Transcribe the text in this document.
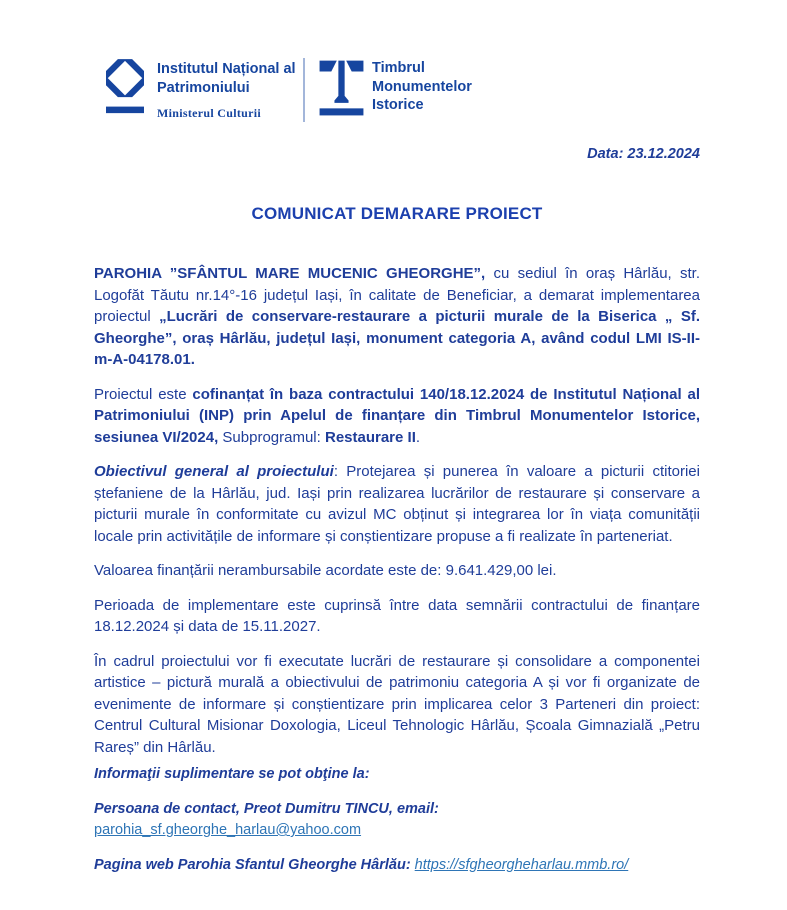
Institutul Național al
Patrimoniului
Ministerul Culturii
Timbrul
Monumentelor
Istorice
Data: 23.12.2024
COMUNICAT DEMARARE PROIECT

PAROHIA ”SFÂNTUL MARE MUCENIC GHEORGHE”, cu sediul în oraș Hârlău, str. Logofăt Tăutu nr.14°-16 județul Iași, în calitate de Beneficiar, a demarat implementarea proiectul „Lucrări de conservare-restaurare a picturii murale de la Biserica „ Sf. Gheorghe”, oraș Hârlău, județul Iași, monument categoria A, având codul LMI IS-II-m-A-04178.01.

Proiectul este cofinanțat în baza contractului 140/18.12.2024 de Institutul Național al Patrimoniului (INP) prin Apelul de finanțare din Timbrul Monumentelor Istorice, sesiunea VI/2024, Subprogramul: Restaurare II.

Obiectivul general al proiectului: Protejarea și punerea în valoare a picturii ctitoriei ștefaniene de la Hârlău, jud. Iași prin realizarea lucrărilor de restaurare și conservare a picturii murale în conformitate cu avizul MC obținut și integrarea lor în viața comunității locale prin activitățile de informare și conștientizare propuse a fi realizate în parteneriat.

Valoarea finanțării nerambursabile acordate este de: 9.641.429,00 lei.

Perioada de implementare este cuprinsă între data semnării contractului de finanțare 18.12.2024 și data de 15.11.2027.

În cadrul proiectului vor fi executate lucrări de restaurare și consolidare a componentei artistice – pictură murală a obiectivului de patrimoniu categoria A și vor fi organizate de evenimente de informare și conștientizare prin implicarea celor 3 Parteneri din proiect: Centrul Cultural Misionar Doxologia, Liceul Tehnologic Hârlău, Școala Gimnazială „Petru Rareș” din Hârlău.

Informaţii suplimentare se pot obţine la:

Persoana de contact, Preot Dumitru TINCU, email: parohia_sf.gheorghe_harlau@yahoo.com

Pagina web Parohia Sfantul Gheorghe Hârlău: https://sfgheorgheharlau.mmb.ro/
